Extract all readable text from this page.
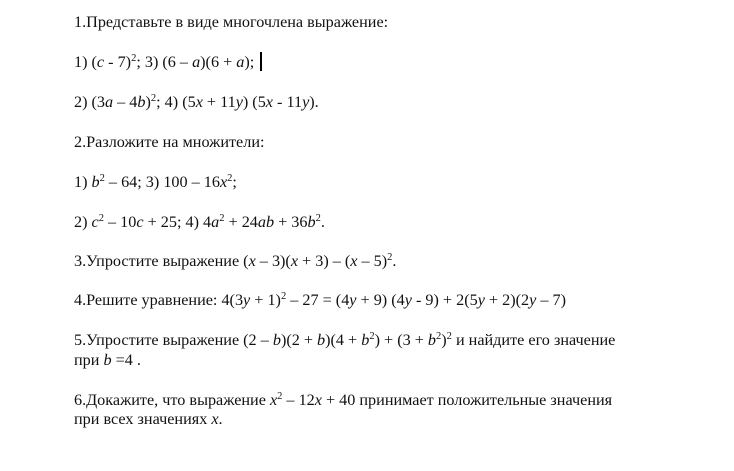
1.Представьте в виде многочлена выражение:
1) (c - 7)$^2$; 3) (6 – a)(6 + a);
2) (3a – 4b)$^2$; 4) (5x + 11y) (5x - 11y).
2.Разложите на множители:
1) $b^2 - 64$; 3) $100 - 16x^2$;
2) $c^2 - 10c + 25$; 4) $4a^2 + 24ab + 36b^2$.
3.Упростите выражение (x – 3)(x + 3) – (x – 5)$^2$.
4.Решите уравнение: $4(3y + 1)^2 - 27 = (4y + 9)$ (4y - 9) + 2(5y + 2)(2y – 7)
5.Упростите выражение $(2 - b)(2 + b)(4 + b^2) + (3 + b^2)^2$ и найдите его значение
при b =4 .
6.Докажите, что выражение $x^2 - 12x + 40$ принимает положительные значения
при всех значениях x.
